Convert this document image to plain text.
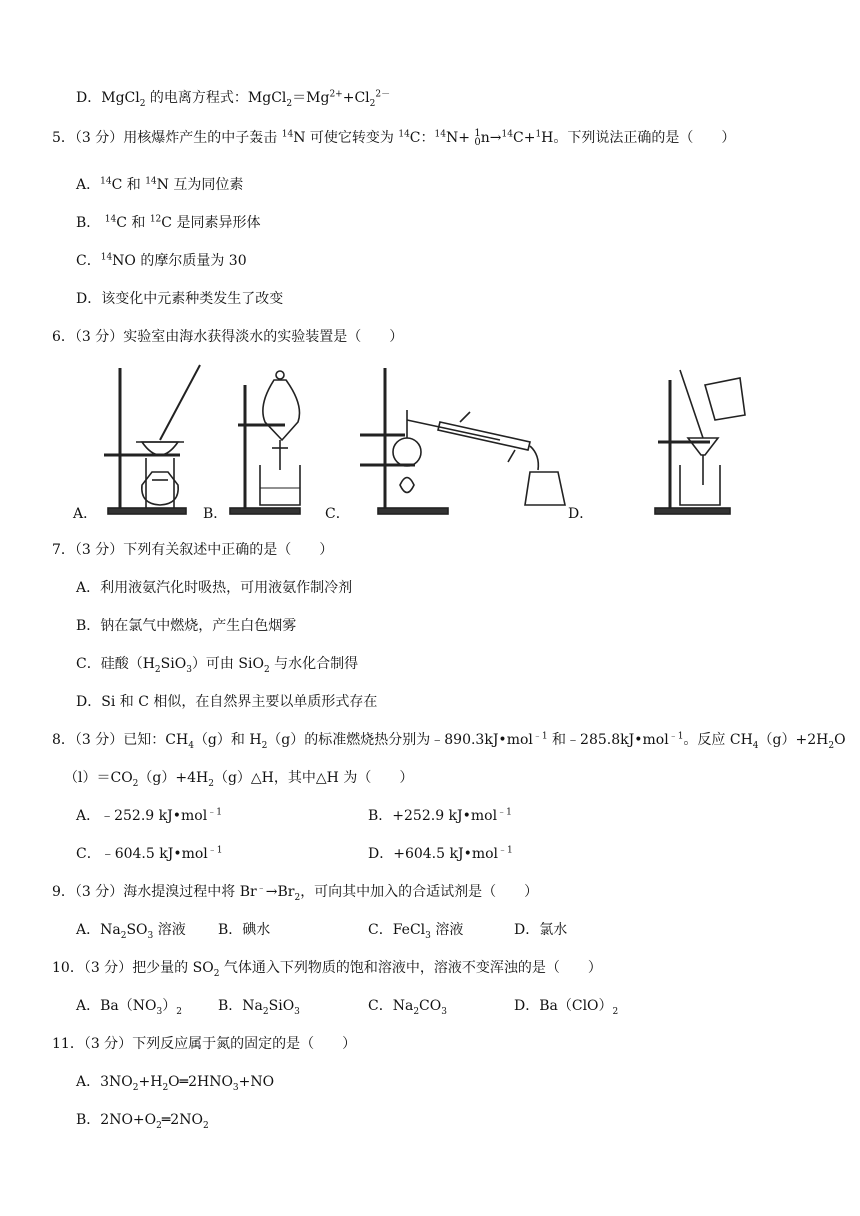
D．MgCl$_2$ 的电离方程式：$MgCl_2=Mg^{2+}+Cl_2^{2-}$
5．（3 分）用核爆炸产生的中子轰击 $^{14}$N 可使它转变为 $^{14}$C：$^{14}$N+ 1
0 n→$^{14}$C+$^1$H。下列说法正确的是（　　）
A．$^{14}$C 和 $^{14}$N 互为同位素
B． $^{14}$C 和 $^{12}$C 是同素异形体
C．$^{14}$NO 的摩尔质量为 30
D．该变化中元素种类发生了改变
6．（3 分）实验室由海水获得淡水的实验装置是（　　）
A．	B．	C．	D．
7．（3 分）下列有关叙述中正确的是（　　）
A．利用液氨汽化时吸热，可用液氨作制冷剂
B．钠在氯气中燃烧，产生白色烟雾
C．硅酸$(H_2SiO_3)$可由 SiO$_2$ 与水化合制得
D．Si 和 C 相似，在自然界主要以单质形式存在
8．（3 分）已知：$CH_4(g)$和 $H_2(g)$的标准燃烧热分别为﹣890.3kJ•mol$^{﹣1}$ 和﹣285.8kJ•mol$^{﹣1}$。反应 $CH_4(g)+2H_2O$
$(l)=CO_2(g)+4H_2(g)\triangle H$，其中△H 为（　　）
A．﹣252.9 kJ•mol$^{﹣1}$	B．+252.9 kJ•mol$^{﹣1}$
C．﹣604.5 kJ•mol$^{﹣1}$	D．+604.5 kJ•mol$^{﹣1}$
9．（3 分）海水提溴过程中将 $Br^﹣\to Br_2$，可向其中加入的合适试剂是（　　）
A．$Na_2SO_3$ 溶液 B．碘水	C．FeCl$_3$ 溶液	D．氯水
10．（3 分）把少量的 $SO_2$ 气体通入下列物质的饱和溶液中，溶液不变浑浊的是（　　）
A．$Ba(NO_3)_2$	B．$Na_2SiO_3$	C．$Na_2CO_3$	D．$Ba(ClO)_2$
11．（3 分）下列反应属于氮的固定的是（　　）
A．$3NO_2+H_2O═2HNO_3+NO$
B．$2NO+O_2═2NO_2$
